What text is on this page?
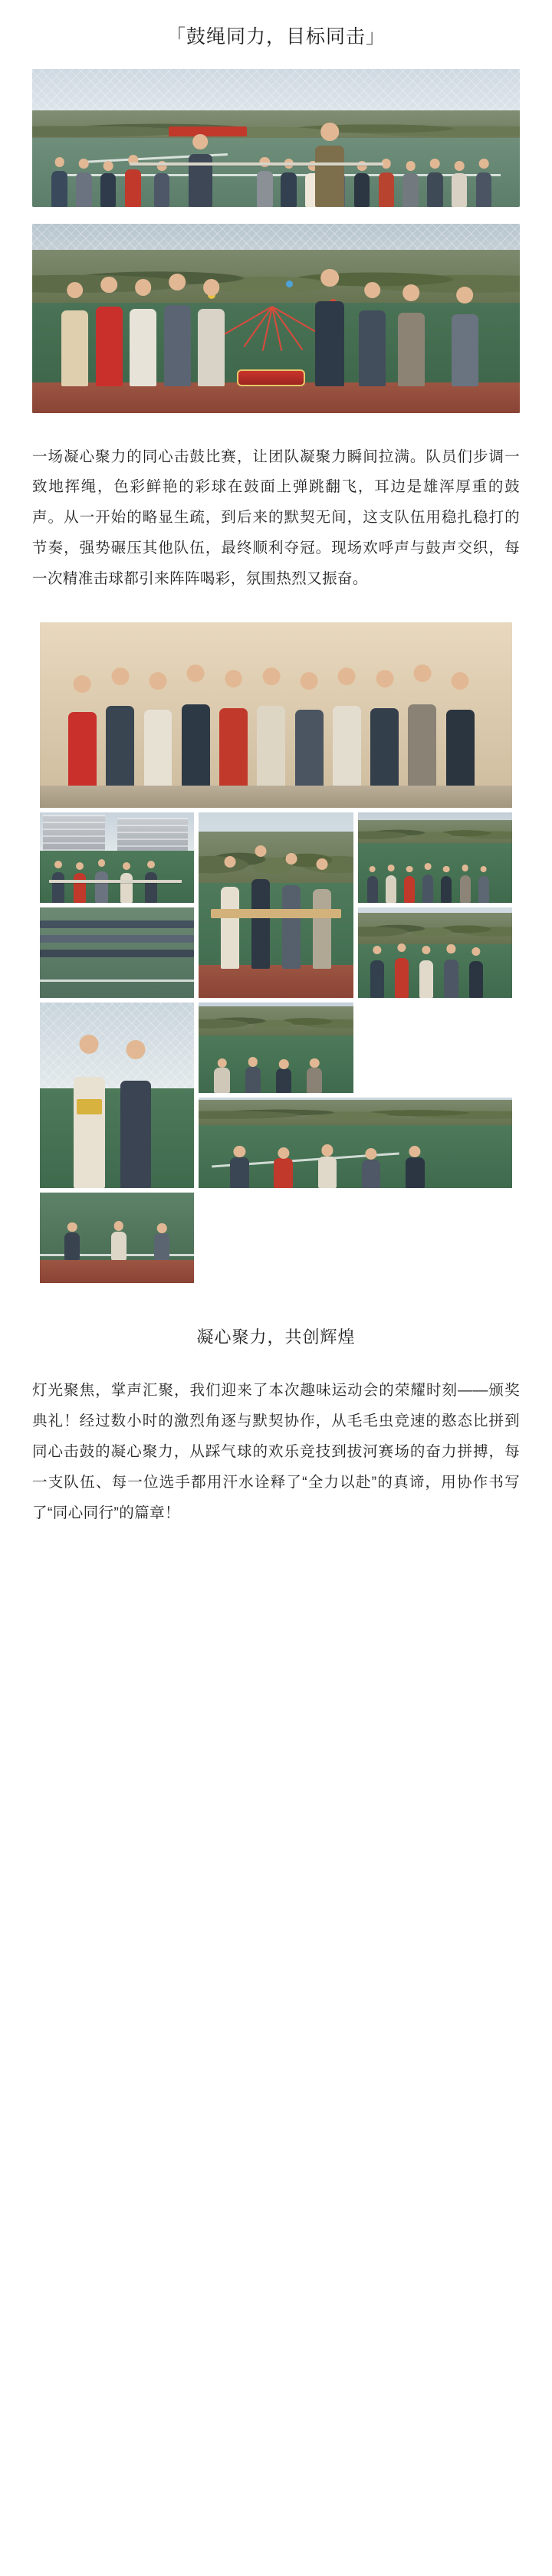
「鼓绳同力，目标同击」
一场凝心聚力的同心击鼓比赛，让团队凝聚力瞬间拉满。队员们步调一致地挥绳，色彩鲜艳的彩球在鼓面上弹跳翻飞，耳边是雄浑厚重的鼓声。从一开始的略显生疏，到后来的默契无间，这支队伍用稳扎稳打的节奏，强势碾压其他队伍，最终顺利夺冠。现场欢呼声与鼓声交织，每一次精准击球都引来阵阵喝彩，氛围热烈又振奋。
凝心聚力，共创辉煌
灯光聚焦，掌声汇聚，我们迎来了本次趣味运动会的荣耀时刻——颁奖典礼！经过数小时的激烈角逐与默契协作，从毛毛虫竞速的憨态比拼到同心击鼓的凝心聚力，从踩气球的欢乐竞技到拔河赛场的奋力拼搏，每一支队伍、每一位选手都用汗水诠释了“全力以赴”的真谛，用协作书写了“同心同行”的篇章！
